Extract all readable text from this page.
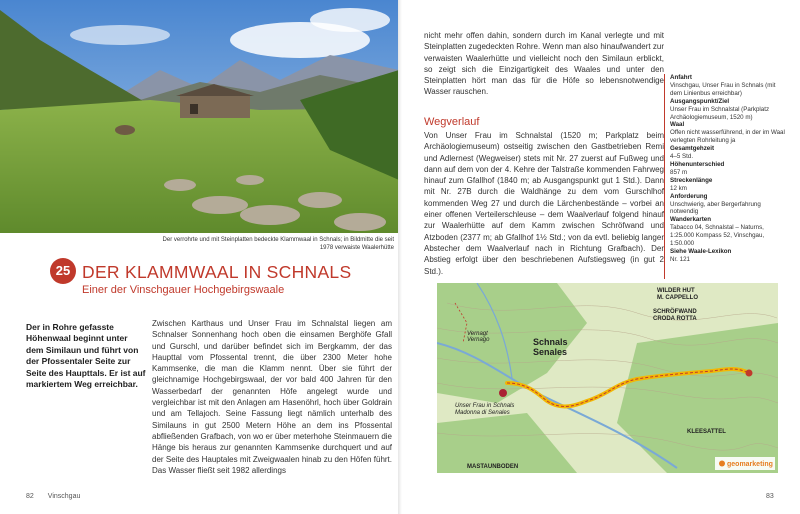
Der verrohrte und mit Steinplatten bedeckte Klammwaal in Schnals; in Bildmitte die seit 1978 verwaiste Waalerhütte
25 DER KLAMMWAAL IN SCHNALS
Einer der Vinschgauer Hochgebirgswaale
Der in Rohre gefasste Höhenwaal beginnt unter dem Similaun und führt von der Pfossentaler Seite zur Seite des Haupttals. Er ist auf markiertem Weg erreichbar.

Zwischen Karthaus und Unser Frau im Schnalstal liegen am Schnalser Sonnenhang hoch oben die einsamen Berghöfe Gfall und Gurschl, und darüber befindet sich im Bergkamm, der das Haupttal vom Pfossental trennt, die über 2300 Meter hohe Kammsenke, die man die Klamm nennt. Über sie führt der gleichnamige Hochgebirgswaal, der vor bald 400 Jahren für den Wasserbedarf der genannten Höfe angelegt wurde und vergleichbar ist mit den Anlagen am Hasenöhrl, hoch über Goldrain und am Tellajoch. Seine Fassung liegt nämlich unterhalb des Similauns in gut 2500 Metern Höhe an dem ins Pfossental abfließenden Grafbach, von wo er über meterhohe Steinmauern die Hänge bis heraus zur genannten Kammsenke durchquert und auf der Seite des Hauptales mit Zweigwaalen hinab zu den Höfen führt. Das Wasser fließt seit 1982 allerdings

82 Vinschgau

nicht mehr offen dahin, sondern durch im Kanal verlegte und mit Steinplatten zugedeckten Rohre. Wenn man also hinaufwandert zur verwaisten Waalerhütte und vielleicht noch den Similaun erblickt, so zeigt sich die Einzigartigkeit des Waales und unter den Steinplatten hört man das für die Höfe so lebensnotwendige Wasser rauschen.

Wegverlauf

Von Unser Frau im Schnalstal (1520 m; Parkplatz beim Archäologiemuseum) ostseitig zwischen den Gastbetrieben Remi und Adlernest (Wegweiser) stets mit Nr. 27 zuerst auf Fußweg und dann auf dem von der 4. Kehre der Talstraße kommenden Fahrweg hinauf zum Gfallhof (1840 m; ab Ausgangspunkt gut 1 Std.). Dann mit Nr. 27B durch die Waldhänge zu dem vom Gurschlhof kommenden Weg 27 und durch die Lärchenbestände – vorbei an einer offenen Verteilerschleuse – dem Waalverlauf folgend hinauf zur Waalerhütte auf dem Kamm zwischen Schröfwand und Atzboden (2377 m; ab Gfallhof 1½ Std.; von da evtl. beliebig langer Abstecher dem Waalverlauf nach in Richtung Grafbach). Der Abstieg erfolgt über den beschriebenen Aufstiegsweg (in gut 2 Std.).

Anfahrt
Vinschgau, Unser Frau in Schnals (mit dem Linienbus erreichbar)
Ausgangspunkt/Ziel
Unser Frau im Schnalstal (Parkplatz Archäologiemuseum, 1520 m)
Waal
Offen nicht wasserführend, in der im Waal verlegten Rohrleitung ja
Gesamtgehzeit
4–5 Std.
Höhenunterschied
857 m
Streckenlänge
12 km
Anforderung
Unschwierig, aber Bergerfahrung notwendig
Wanderkarten
Tabacco 04, Schnalstal – Naturns, 1:25.000 Kompass 52, Vinschgau, 1:50.000
Siehe Waale-Lexikon
Nr. 121
WILDER HUT
M. CAPPELLO
SCHRÖFWAND
CRODA ROTTA
Schnals
Senales
Vernagt
Vernago
Unser Frau in Schnals
Madonna di Senales
KLEESATTEL
MASTAUNBODEN	geomarketing
83
